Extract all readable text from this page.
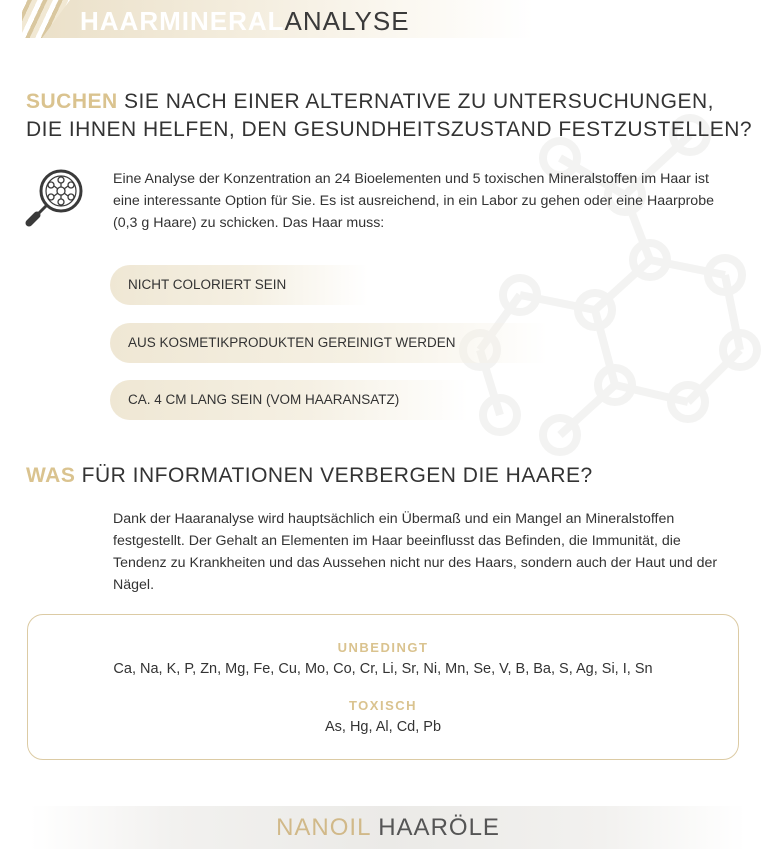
HAARMINERALANALYSE
SUCHEN SIE NACH EINER ALTERNATIVE ZU UNTERSUCHUNGEN,
DIE IHNEN HELFEN, DEN GESUNDHEITSZUSTAND FESTZUSTELLEN?

Eine Analyse der Konzentration an 24 Bioelementen und 5 toxischen Mineralstoffen im Haar ist eine interessante Option für Sie. Es ist ausreichend, in ein Labor zu gehen oder eine Haarprobe (0,3 g Haare) zu schicken. Das Haar muss:

NICHT COLORIERT SEIN
AUS KOSMETIKPRODUKTEN GEREINIGT WERDEN
CA. 4 CM LANG SEIN (VOM HAARANSATZ)
WAS FÜR INFORMATIONEN VERBERGEN DIE HAARE?

Dank der Haaranalyse wird hauptsächlich ein Übermaß und ein Mangel an Mineralstoffen festgestellt. Der Gehalt an Elementen im Haar beeinflusst das Befinden, die Immunität, die Tendenz zu Krankheiten und das Aussehen nicht nur des Haars, sondern auch der Haut und der Nägel.

UNBEDINGT
Ca, Na, K, P, Zn, Mg, Fe, Cu, Mo, Co, Cr, Li, Sr, Ni, Mn, Se, V, B, Ba, S, Ag, Si, I, Sn
TOXISCH
As, Hg, Al, Cd, Pb
NANOIL HAARÖLE
